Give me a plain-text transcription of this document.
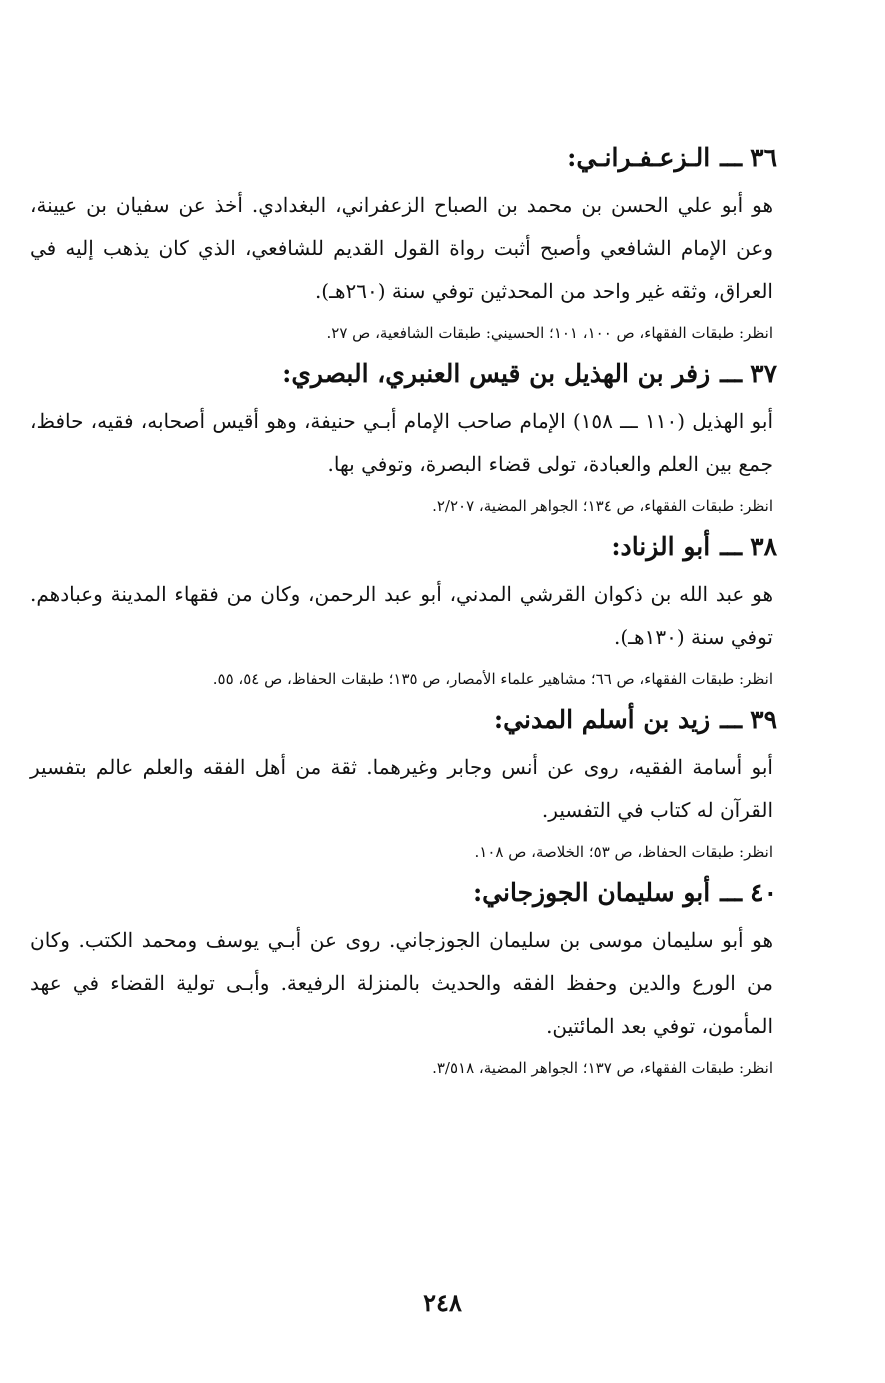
٣٦ـــالـزعـفـرانـي:

هو أبو علي الحسن بن محمد بن الصباح الزعفراني، البغدادي. أخذ عن سفيان بن عيينة، وعن الإمام الشافعي وأصبح أثبت رواة القول القديم للشافعي، الذي كان يذهب إليه في العراق، وثقه غير واحد من المحدثين توفي سنة (٢٦٠هـ).

انظر: طبقات الفقهاء، ص ١٠٠، ١٠١؛ الحسيني: طبقات الشافعية، ص ٢٧.

٣٧ـــزفر بن الهذيل بن قيس العنبري، البصري:

أبو الهذيل (١١٠ ـــ ١٥٨) الإمام صاحب الإمام أبـي حنيفة، وهو أقيس أصحابه، فقيه، حافظ، جمع بين العلم والعبادة، تولى قضاء البصرة، وتوفي بها.

انظر: طبقات الفقهاء، ص ١٣٤؛ الجواهر المضية، ٢/٢٠٧.

٣٨ـــأبو الزناد:

هو عبد الله بن ذكوان القرشي المدني، أبو عبد الرحمن، وكان من فقهاء المدينة وعبادهم. توفي سنة (١٣٠هـ).

انظر: طبقات الفقهاء، ص ٦٦؛ مشاهير علماء الأمصار، ص ١٣٥؛ طبقات الحفاظ، ص ٥٤، ٥٥.

٣٩ـــزيد بن أسلم المدني:

أبو أسامة الفقيه، روى عن أنس وجابر وغيرهما. ثقة من أهل الفقه والعلم عالم بتفسير القرآن له كتاب في التفسير.

انظر: طبقات الحفاظ، ص ٥٣؛ الخلاصة، ص ١٠٨.

٤٠ـــأبو سليمان الجوزجاني:

هو أبو سليمان موسى بن سليمان الجوزجاني. روى عن أبـي يوسف ومحمد الكتب. وكان من الورع والدين وحفظ الفقه والحديث بالمنزلة الرفيعة. وأبـى تولية القضاء في عهد المأمون، توفي بعد المائتين.

انظر: طبقات الفقهاء، ص ١٣٧؛ الجواهر المضية، ٣/٥١٨.

٢٤٨
